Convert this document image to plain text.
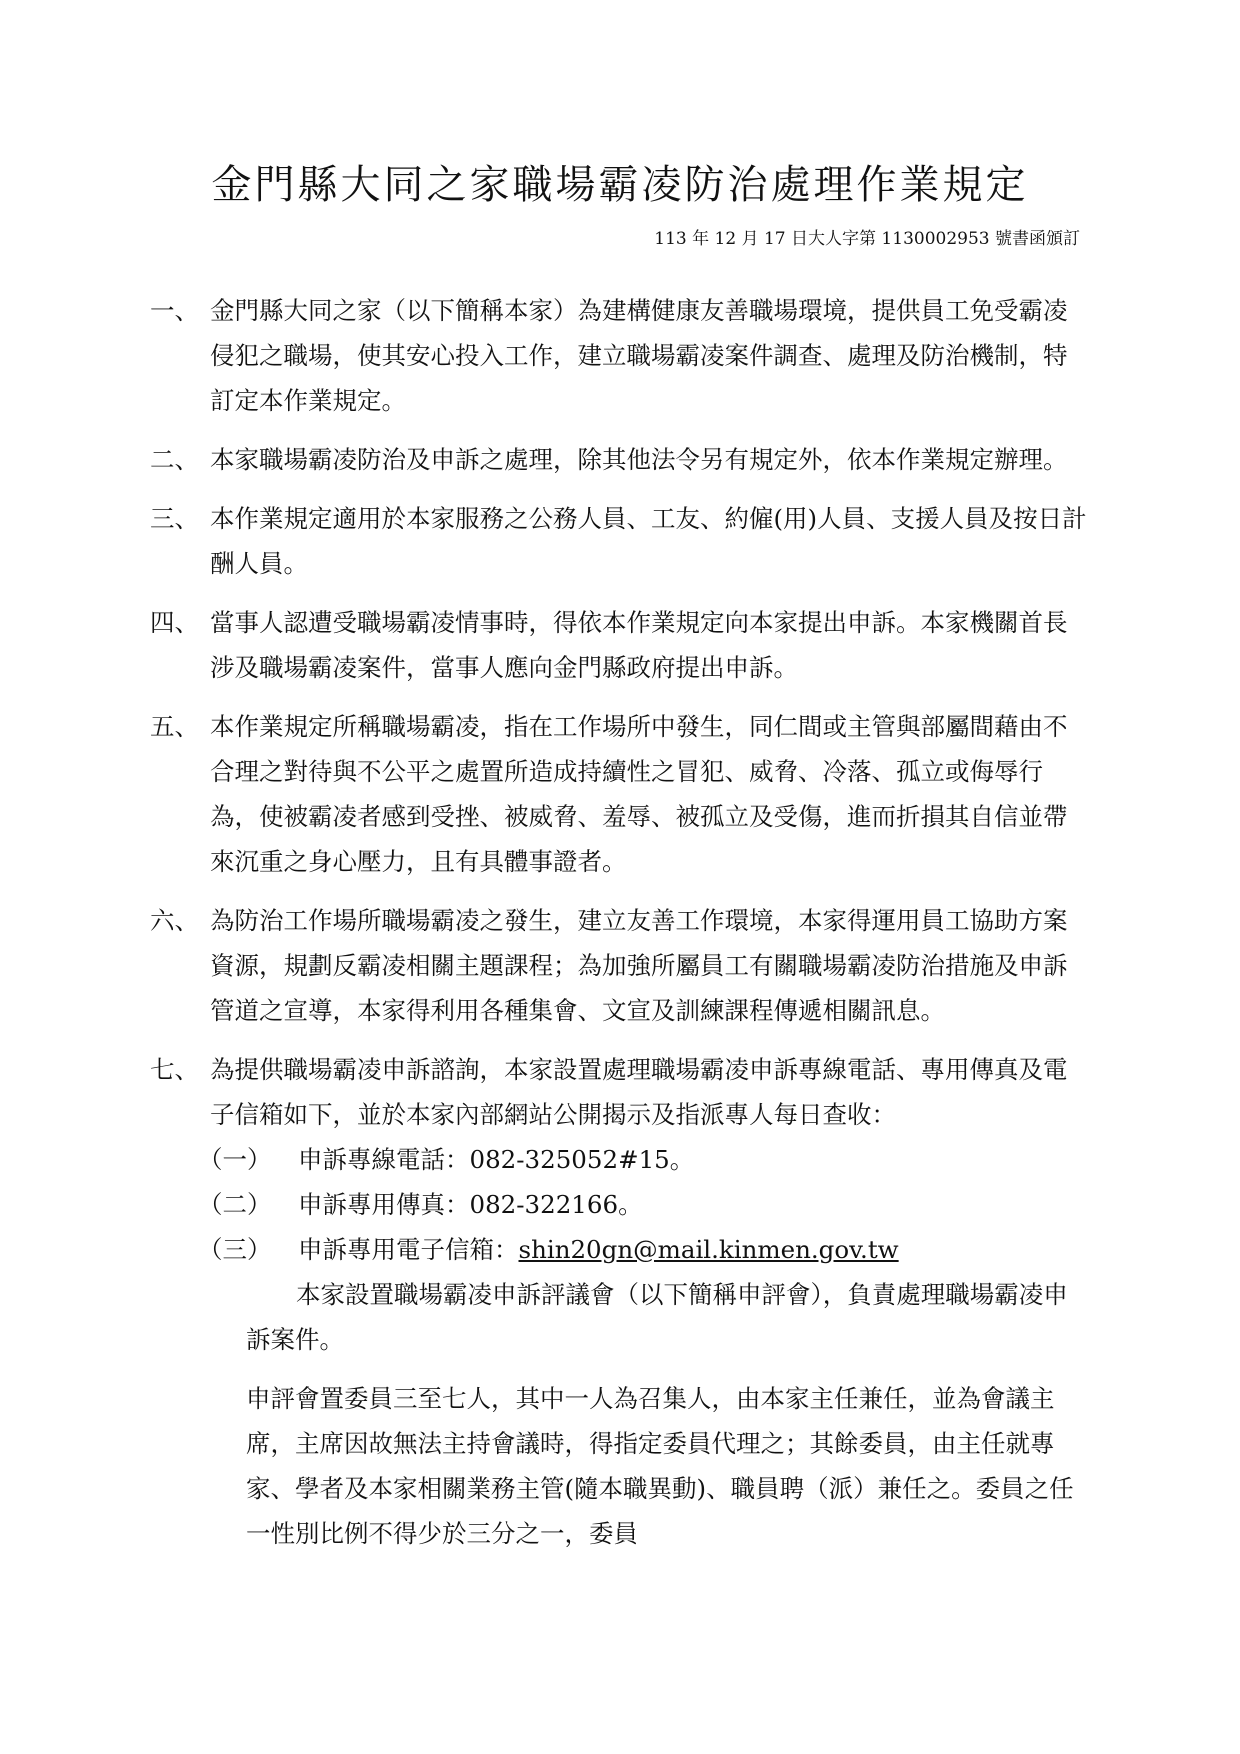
金門縣大同之家職場霸凌防治處理作業規定
113 年 12 月 17 日大人字第 1130002953 號書函頒訂
一、 金門縣大同之家（以下簡稱本家）為建構健康友善職場環境，提供員工免受霸凌侵犯之職場，使其安心投入工作，建立職場霸凌案件調查、處理及防治機制，特訂定本作業規定。
二、 本家職場霸凌防治及申訴之處理，除其他法令另有規定外，依本作業規定辦理。
三、 本作業規定適用於本家服務之公務人員、工友、約僱(用)人員、支援人員及按日計酬人員。
四、 當事人認遭受職場霸凌情事時，得依本作業規定向本家提出申訴。本家機關首長涉及職場霸凌案件，當事人應向金門縣政府提出申訴。
五、 本作業規定所稱職場霸凌，指在工作場所中發生，同仁間或主管與部屬間藉由不合理之對待與不公平之處置所造成持續性之冒犯、威脅、冷落、孤立或侮辱行為，使被霸凌者感到受挫、被威脅、羞辱、被孤立及受傷，進而折損其自信並帶來沉重之身心壓力，且有具體事證者。
六、 為防治工作場所職場霸凌之發生，建立友善工作環境，本家得運用員工協助方案資源，規劃反霸凌相關主題課程；為加強所屬員工有關職場霸凌防治措施及申訴管道之宣導，本家得利用各種集會、文宣及訓練課程傳遞相關訊息。
七、 為提供職場霸凌申訴諮詢，本家設置處理職場霸凌申訴專線電話、專用傳真及電子信箱如下，並於本家內部網站公開揭示及指派專人每日查收：
（一）	申訴專線電話：082-325052#15。
（二）	申訴專用傳真：082-322166。
（三）	申訴專用電子信箱：shin20gn@mail.kinmen.gov.tw
本家設置職場霸凌申訴評議會（以下簡稱申評會），負責處理職場霸凌申訴案件。
申評會置委員三至七人，其中一人為召集人，由本家主任兼任，並為會議主席，主席因故無法主持會議時，得指定委員代理之；其餘委員，由主任就專家、學者及本家相關業務主管(隨本職異動)、職員聘（派）兼任之。委員之任一性別比例不得少於三分之一，委員
